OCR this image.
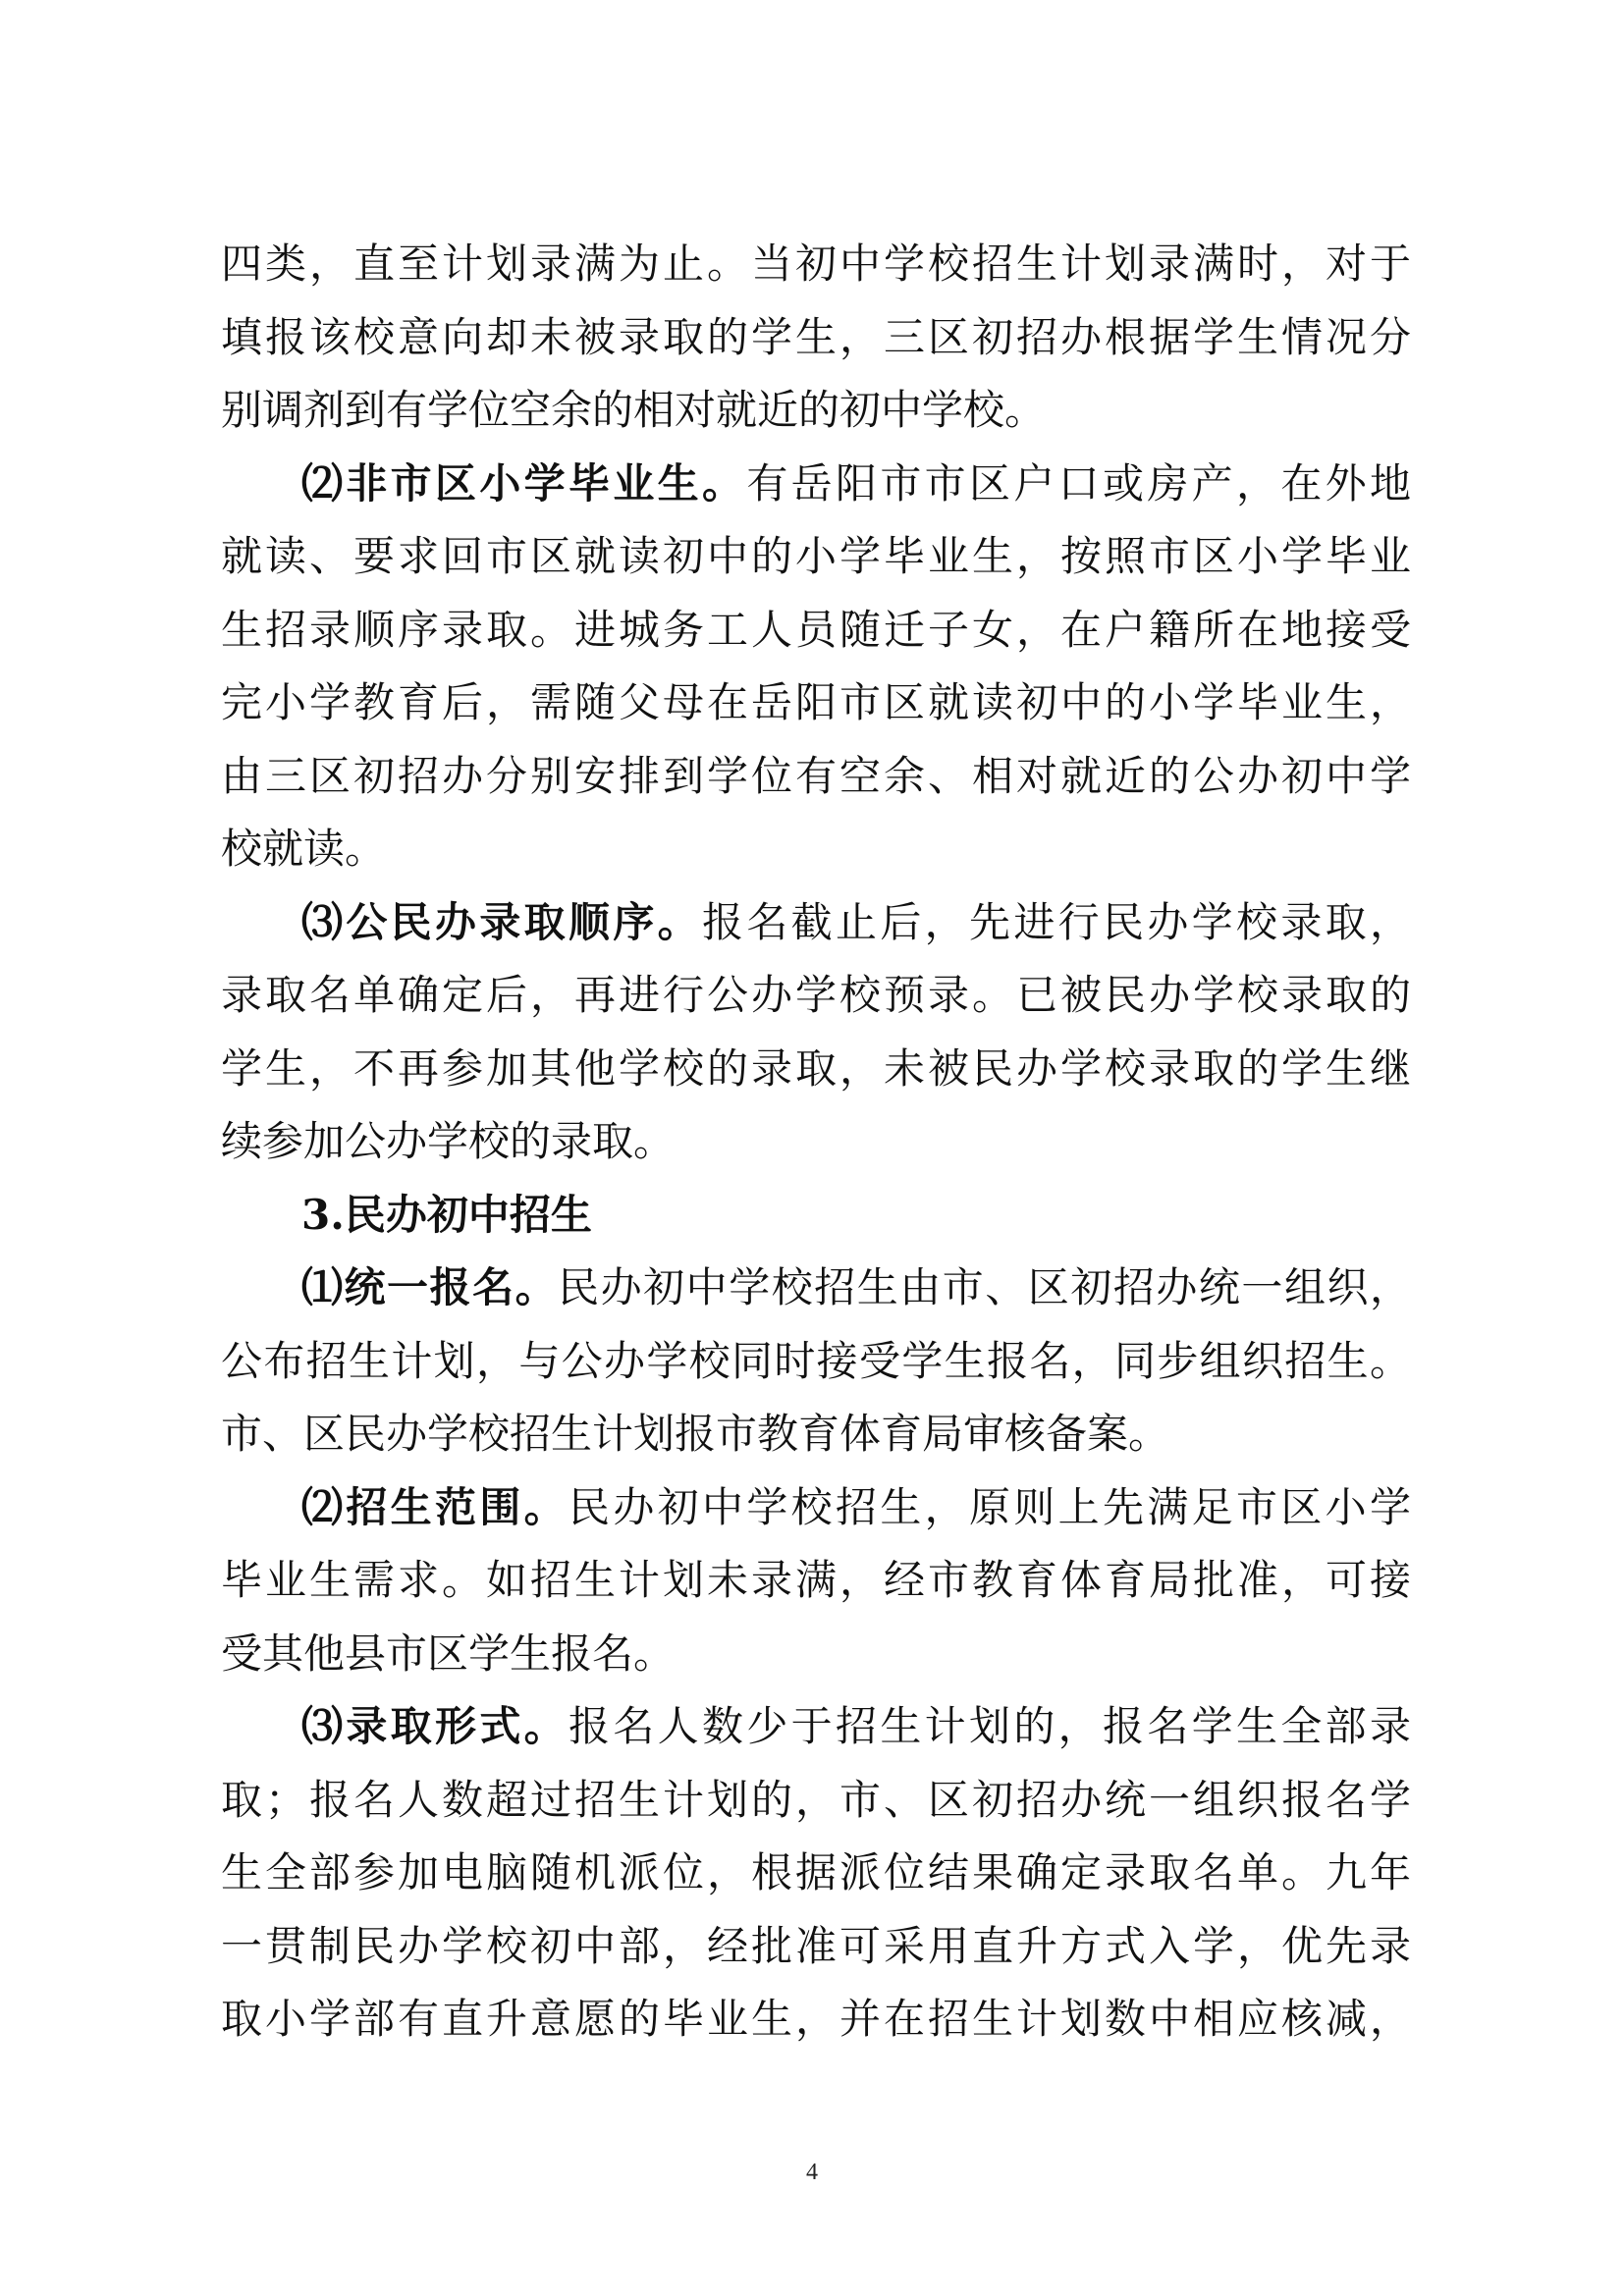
四类，直至计划录满为止。当初中学校招生计划录满时，对于
填报该校意向却未被录取的学生，三区初招办根据学生情况分
别调剂到有学位空余的相对就近的初中学校。
⑵非市区小学毕业生。有岳阳市市区户口或房产，在外地
就读、要求回市区就读初中的小学毕业生，按照市区小学毕业
生招录顺序录取。进城务工人员随迁子女，在户籍所在地接受
完小学教育后，需随父母在岳阳市区就读初中的小学毕业生，
由三区初招办分别安排到学位有空余、相对就近的公办初中学
校就读。
⑶公民办录取顺序。报名截止后，先进行民办学校录取，
录取名单确定后，再进行公办学校预录。已被民办学校录取的
学生，不再参加其他学校的录取，未被民办学校录取的学生继
续参加公办学校的录取。
3.民办初中招生
⑴统一报名。民办初中学校招生由市、区初招办统一组织，
公布招生计划，与公办学校同时接受学生报名，同步组织招生。
市、区民办学校招生计划报市教育体育局审核备案。
⑵招生范围。民办初中学校招生，原则上先满足市区小学
毕业生需求。如招生计划未录满，经市教育体育局批准，可接
受其他县市区学生报名。
⑶录取形式。报名人数少于招生计划的，报名学生全部录
取；报名人数超过招生计划的，市、区初招办统一组织报名学
生全部参加电脑随机派位，根据派位结果确定录取名单。九年
一贯制民办学校初中部，经批准可采用直升方式入学，优先录
取小学部有直升意愿的毕业生，并在招生计划数中相应核减，
4
